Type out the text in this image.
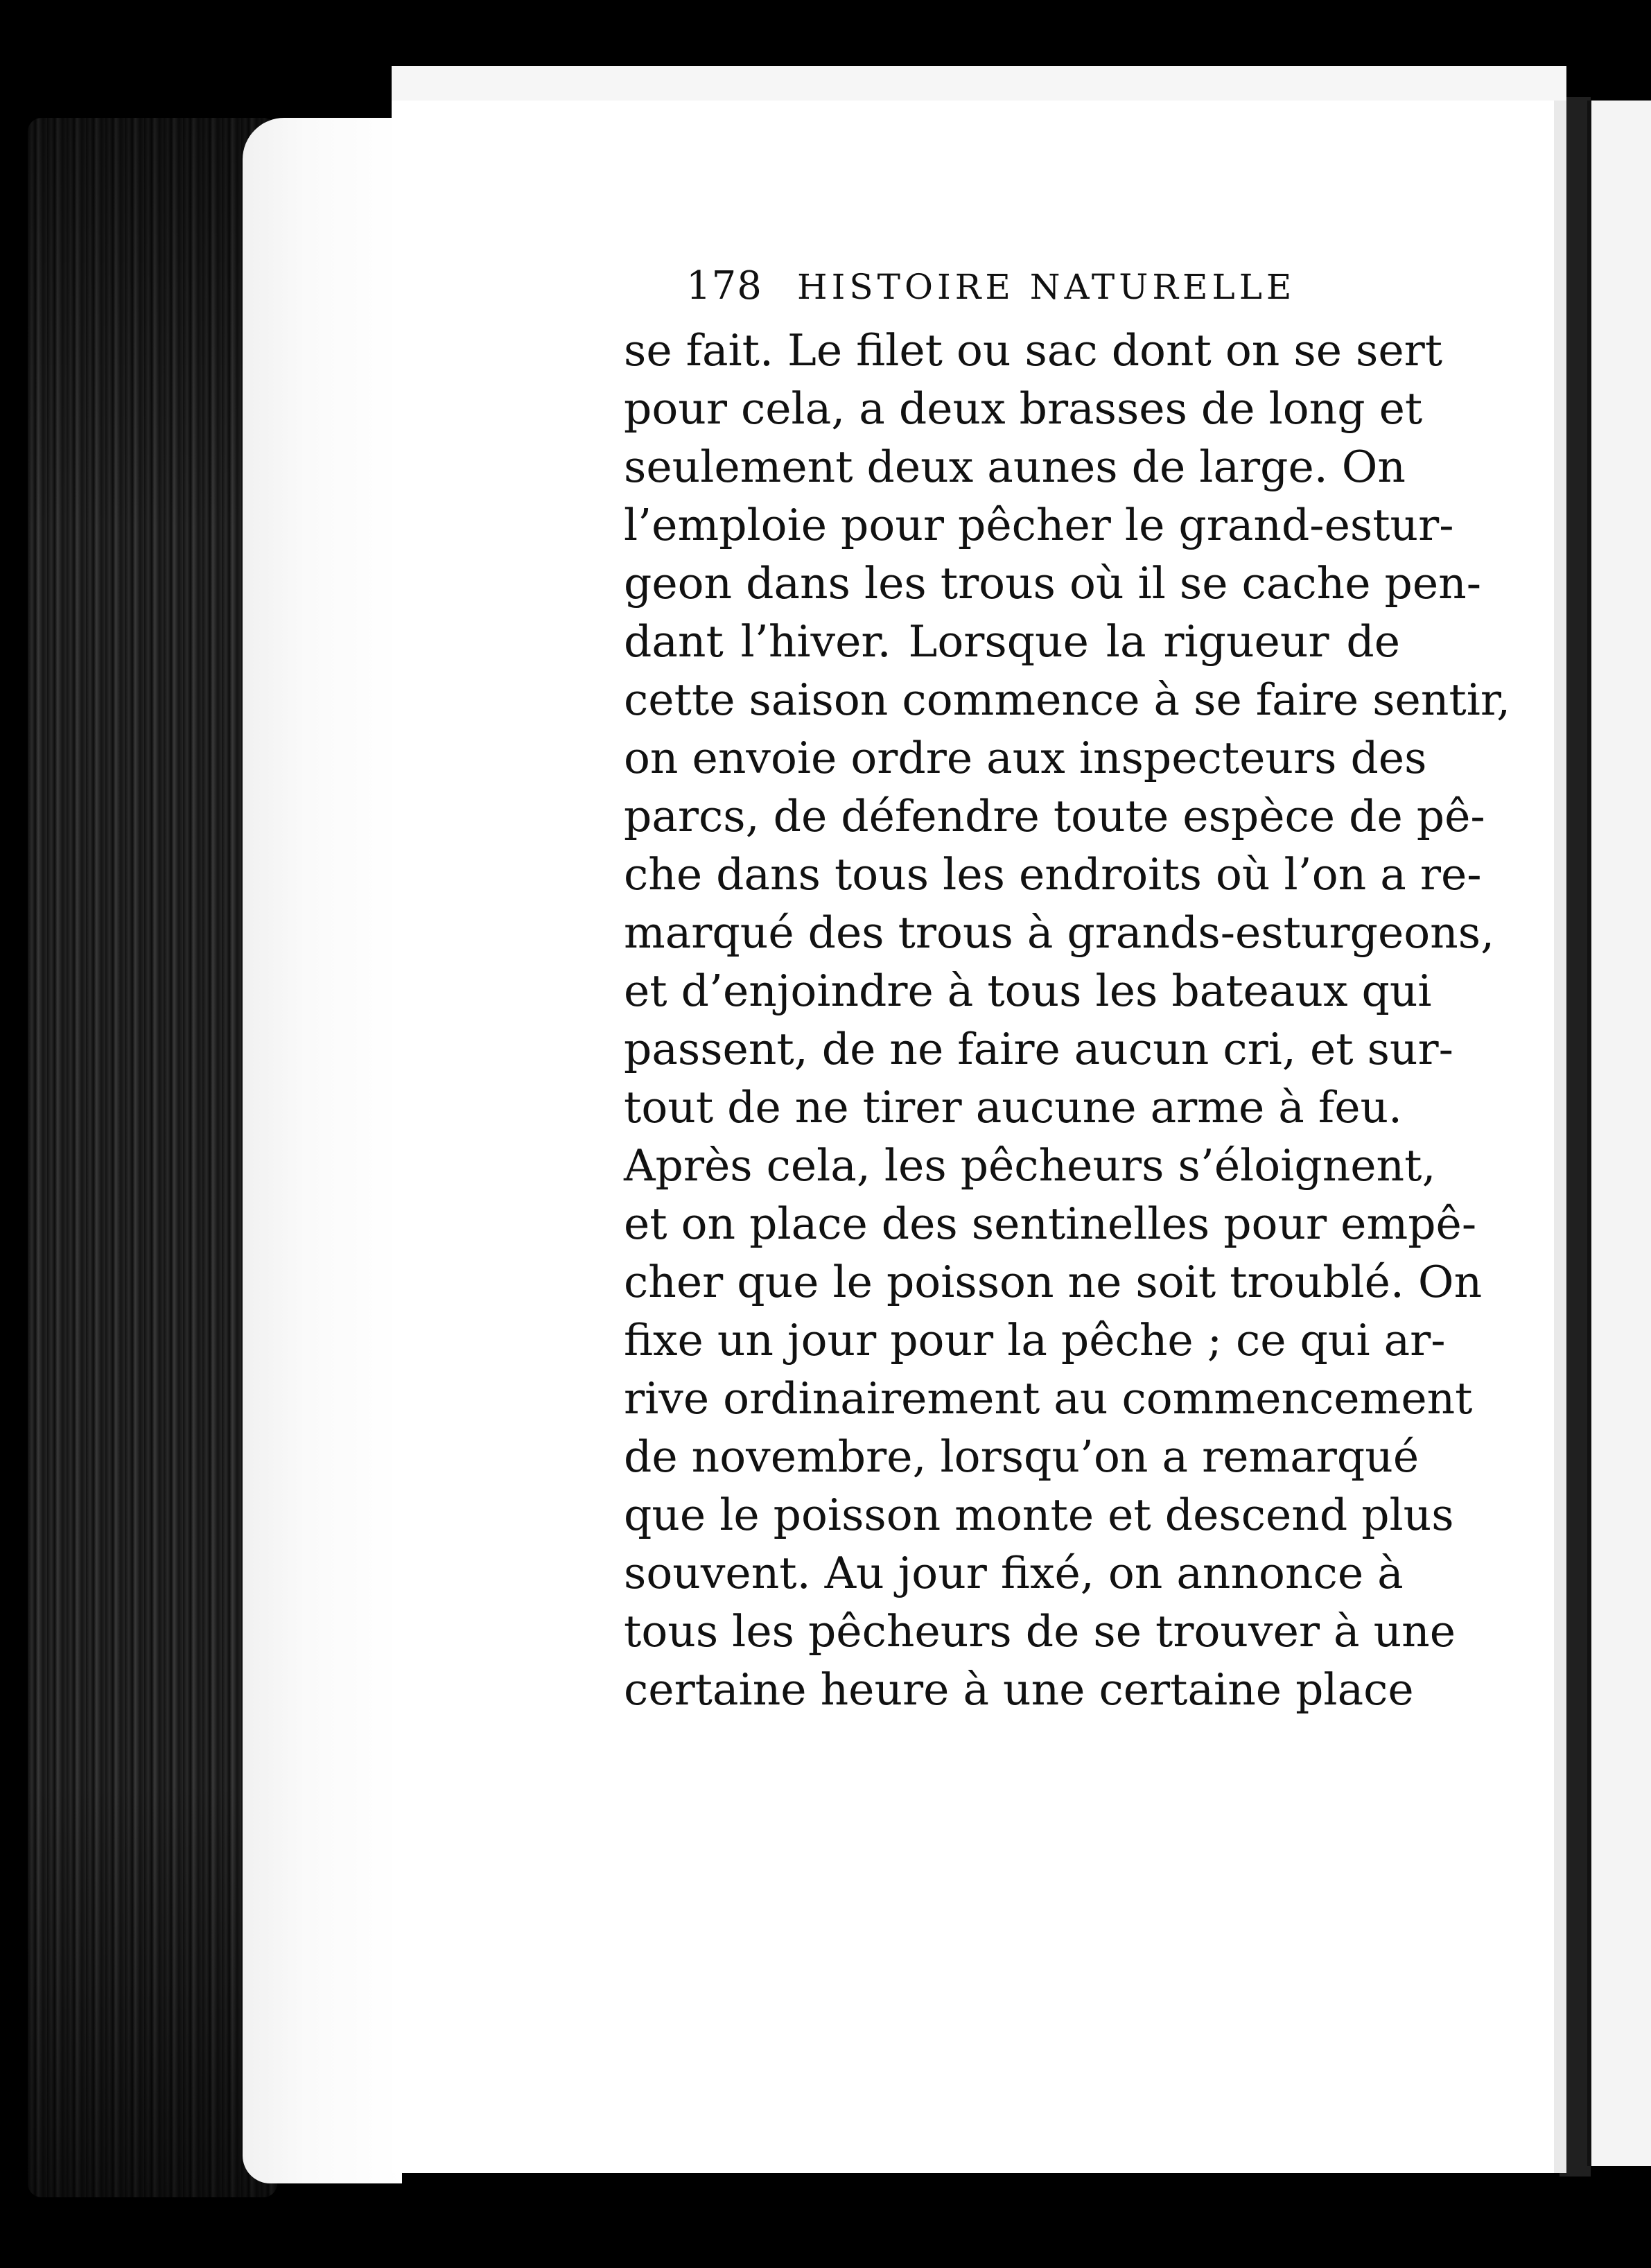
178	HISTOIRE NATURELLE
se fait. Le filet ou sac dont on se sert
pour cela, a deux brasses de long et
seulement deux aunes de large. On
l’emploie pour pêcher le grand-estur-
geon dans les trous où il se cache pen-
dant l’hiver. Lorsque la rigueur de
cette saison commence à se faire sentir,
on envoie ordre aux inspecteurs des
parcs, de défendre toute espèce de pê-
che dans tous les endroits où l’on a re-
marqué des trous à grands-esturgeons,
et d’enjoindre à tous les bateaux qui
passent, de ne faire aucun cri, et sur-
tout de ne tirer aucune arme à feu.
Après cela, les pêcheurs s’éloignent,
et on place des sentinelles pour empê-
cher que le poisson ne soit troublé. On
fixe un jour pour la pêche ; ce qui ar-
rive ordinairement au commencement
de novembre, lorsqu’on a remarqué
que le poisson monte et descend plus
souvent. Au jour fixé, on annonce à
tous les pêcheurs de se trouver à une
certaine heure à une certaine place
